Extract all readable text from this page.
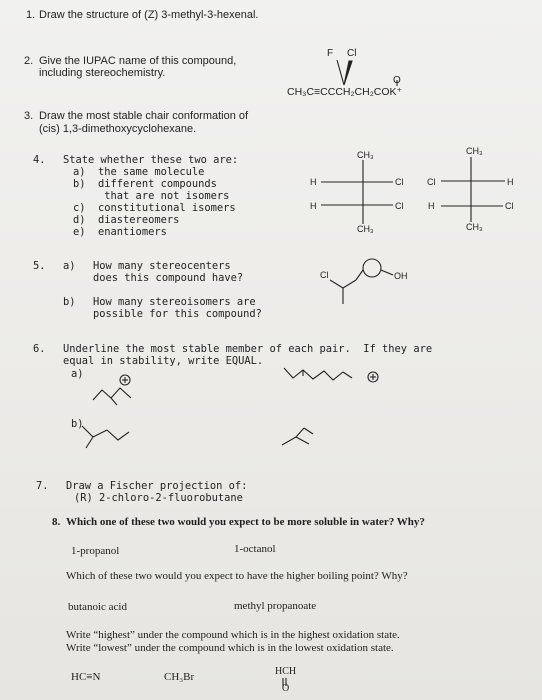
1. Draw the structure of (Z) 3-methyl-3-hexenal.
2. Give the IUPAC name of this compound,
including stereochemistry.
CH₃C≡CCCH₂CH₂COK⁺
F Cl
O
3. Draw the most stable chair conformation of
(cis) 1,3-dimethoxycyclohexane.
4. State whether these two are:
a)  the same molecule
b)  different compounds
that are not isomers
c)  constitutional isomers
d)  diastereomers
e)  enantiomers
CH₃
H	Cl
H	Cl
CH₃
CH₃
Cl	H
H	Cl
CH₃
5. a) How many stereocenters
does this compound have?
b) How many stereoisomers are
possible for this compound?
Cl	OH
6. Underline the most stable member of each pair.  If they are
equal in stability, write EQUAL.
a)
b)
7. Draw a Fischer projection of:
(R) 2-chloro-2-fluorobutane
8. Which one of these two would you expect to be more soluble in water? Why?
1-propanol	1-octanol
Which of these two would you expect to have the higher boiling point? Why?
butanoic acid	methyl propanoate
Write “highest” under the compound which is in the highest oxidation state.
Write “lowest” under the compound which is in the lowest oxidation state.
HC≡N	CH₃Br	HCH
O
